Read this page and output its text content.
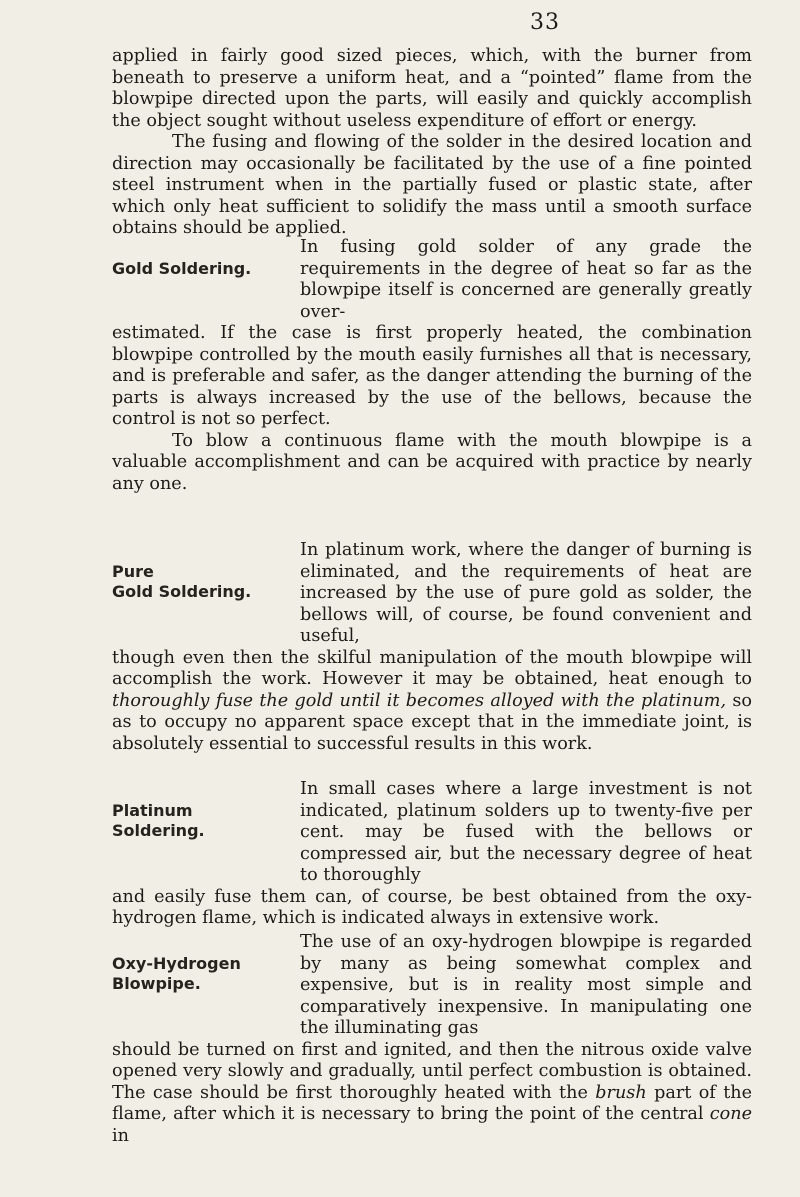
33

applied in fairly good sized pieces, which, with the burner from beneath to preserve a uniform heat, and a “pointed” flame from the blowpipe directed upon the parts, will easily and quickly accomplish the object sought without useless expenditure of effort or energy.

The fusing and flowing of the solder in the desired location and direction may occasionally be facilitated by the use of a fine pointed steel instrument when in the partially fused or plastic state, after which only heat sufficient to solidify the mass until a smooth surface obtains should be applied.

Gold Soldering.

In fusing gold solder of any grade the requirements in the degree of heat so far as the blowpipe itself is concerned are generally greatly over-

estimated. If the case is first properly heated, the combination blowpipe controlled by the mouth easily furnishes all that is necessary, and is preferable and safer, as the danger attending the burning of the parts is always increased by the use of the bellows, because the control is not so perfect.

To blow a continuous flame with the mouth blowpipe is a valuable accomplishment and can be acquired with practice by nearly any one.

Pure
Gold Soldering.

In platinum work, where the danger of burning is eliminated, and the requirements of heat are increased by the use of pure gold as solder, the bellows will, of course, be found convenient and useful,

though even then the skilful manipulation of the mouth blowpipe will accomplish the work. However it may be obtained, heat enough to thoroughly fuse the gold until it becomes alloyed with the platinum, so as to occupy no apparent space except that in the immediate joint, is absolutely essential to successful results in this work.

Platinum
Soldering.

In small cases where a large investment is not indicated, platinum solders up to twenty-five per cent. may be fused with the bellows or compressed air, but the necessary degree of heat to thoroughly

and easily fuse them can, of course, be best obtained from the oxy-hydrogen flame, which is indicated always in extensive work.

Oxy-Hydrogen
Blowpipe.

The use of an oxy-hydrogen blowpipe is regarded by many as being somewhat complex and expensive, but is in reality most simple and comparatively inexpensive. In manipulating one the illuminating gas

should be turned on first and ignited, and then the nitrous oxide valve opened very slowly and gradually, until perfect combustion is obtained. The case should be first thoroughly heated with the brush part of the flame, after which it is necessary to bring the point of the central cone in
